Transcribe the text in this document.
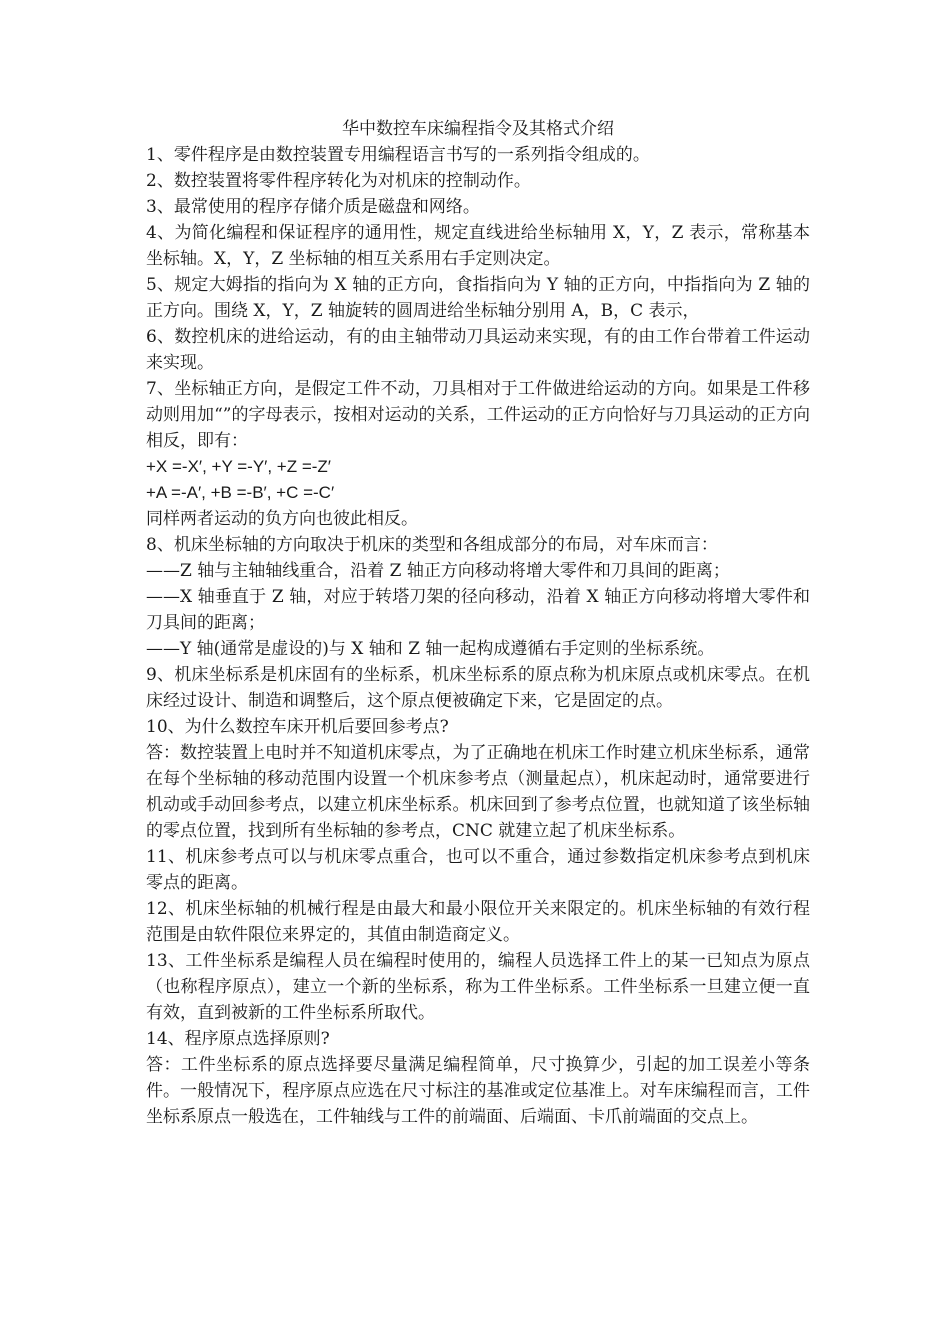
华中数控车床编程指令及其格式介绍

1、零件程序是由数控装置专用编程语言书写的一系列指令组成的。

2、数控装置将零件程序转化为对机床的控制动作。

3、最常使用的程序存储介质是磁盘和网络。

4、为简化编程和保证程序的通用性，规定直线进给坐标轴用 X，Y，Z 表示，常称基本坐标轴。X，Y，Z 坐标轴的相互关系用右手定则决定。

5、规定大姆指的指向为 X 轴的正方向，食指指向为 Y 轴的正方向，中指指向为 Z 轴的正方向。围绕 X，Y，Z 轴旋转的圆周进给坐标轴分别用 A，B，C 表示，

6、数控机床的进给运动，有的由主轴带动刀具运动来实现，有的由工作台带着工件运动来实现。

7、坐标轴正方向，是假定工件不动，刀具相对于工件做进给运动的方向。如果是工件移动则用加“”的字母表示，按相对运动的关系，工件运动的正方向恰好与刀具运动的正方向相反，即有：

+X =-X′, +Y =-Y′, +Z =-Z′

+A =-A′, +B =-B′, +C =-C′

同样两者运动的负方向也彼此相反。

8、机床坐标轴的方向取决于机床的类型和各组成部分的布局，对车床而言：

——Z 轴与主轴轴线重合，沿着 Z 轴正方向移动将增大零件和刀具间的距离；

——X 轴垂直于 Z 轴，对应于转塔刀架的径向移动，沿着 X 轴正方向移动将增大零件和刀具间的距离；

——Y 轴(通常是虚设的)与 X 轴和 Z 轴一起构成遵循右手定则的坐标系统。

9、机床坐标系是机床固有的坐标系，机床坐标系的原点称为机床原点或机床零点。在机床经过设计、制造和调整后，这个原点便被确定下来，它是固定的点。

10、为什么数控车床开机后要回参考点?

答：数控装置上电时并不知道机床零点，为了正确地在机床工作时建立机床坐标系，通常在每个坐标轴的移动范围内设置一个机床参考点（测量起点），机床起动时，通常要进行机动或手动回参考点，以建立机床坐标系。机床回到了参考点位置，也就知道了该坐标轴的零点位置，找到所有坐标轴的参考点，CNC 就建立起了机床坐标系。

11、机床参考点可以与机床零点重合，也可以不重合，通过参数指定机床参考点到机床零点的距离。

12、机床坐标轴的机械行程是由最大和最小限位开关来限定的。机床坐标轴的有效行程范围是由软件限位来界定的，其值由制造商定义。

13、工件坐标系是编程人员在编程时使用的，编程人员选择工件上的某一已知点为原点（也称程序原点），建立一个新的坐标系，称为工件坐标系。工件坐标系一旦建立便一直有效，直到被新的工件坐标系所取代。

14、程序原点选择原则?

答：工件坐标系的原点选择要尽量满足编程简单，尺寸换算少，引起的加工误差小等条件。一般情况下，程序原点应选在尺寸标注的基准或定位基准上。对车床编程而言，工件坐标系原点一般选在，工件轴线与工件的前端面、后端面、卡爪前端面的交点上。
